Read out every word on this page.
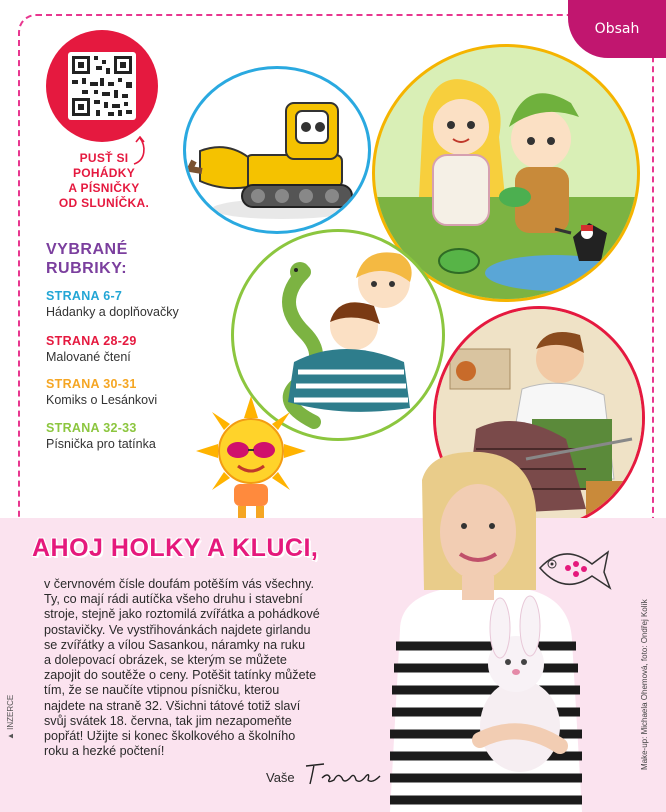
Obsah
PUSŤ SI
POHÁDKY
A PÍSNIČKY
OD SLUNÍČKA.
VYBRANÉ
RUBRIKY:
STRANA 6-7
Hádanky a doplňovačky
STRANA 28-29
Malované čtení
STRANA 30-31
Komiks o Lesánkovi
STRANA 32-33
Písnička pro tatínka
AHOJ HOLKY A KLUCI,

v červnovém čísle doufám potěším vás všechny.

Ty, co mají rádi autíčka všeho druhu i stavební

stroje, stejně jako roztomilá zvířátka a pohádkové

postavičky. Ve vystřihovánkách najdete girlandu

se zvířátky a vílou Sasankou, náramky na ruku

a dolepovací obrázek, se kterým se můžete

zapojit do soutěže o ceny. Potěšit tatínky můžete

tím, že se naučíte vtipnou písničku, kterou

najdete na straně 32. Všichni tátové totiž slaví

svůj svátek 18. června, tak jim nezapomeňte

popřát! Užijte si konec školkového a školního

roku a hezké počtení!

Vaše
▲ INZERCE	Make-up: Michaela Ohemová, foto: Ondřej Kolík
